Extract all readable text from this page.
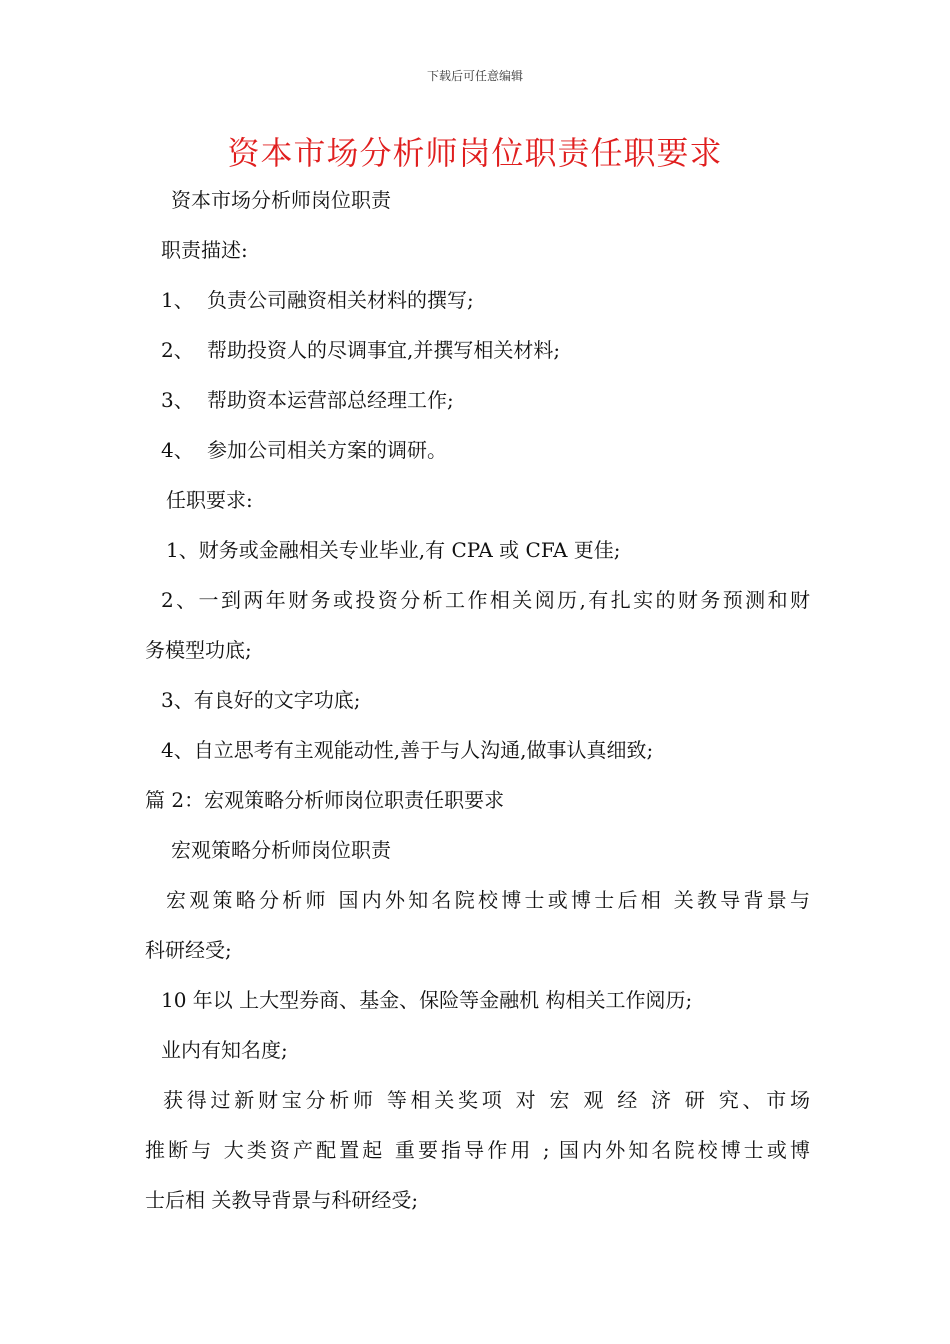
下载后可任意编辑
资本市场分析师岗位职责任职要求
资本市场分析师岗位职责
职责描述:
1、 负责公司融资相关材料的撰写;
2、 帮助投资人的尽调事宜,并撰写相关材料;
3、 帮助资本运营部总经理工作;
4、 参加公司相关方案的调研。
任职要求:
1、财务或金融相关专业毕业,有 CPA 或 CFA 更佳;
2、一到两年财务或投资分析工作相关阅历,有扎实的财务预测和财
务模型功底;
3、有良好的文字功底;
4、自立思考有主观能动性,善于与人沟通,做事认真细致;
篇 2：宏观策略分析师岗位职责任职要求
宏观策略分析师岗位职责
宏观策略分析师 国内外知名院校博士或博士后相 关教导背景与
科研经受;
10 年以 上大型券商、基金、保险等金融机 构相关工作阅历;
业内有知名度;
获得过新财宝分析师 等相关奖项 对 宏 观 经 济 研 究、市场
推断与 大类资产配置起 重要指导作用 ; 国内外知名院校博士或博
士后相 关教导背景与科研经受;
